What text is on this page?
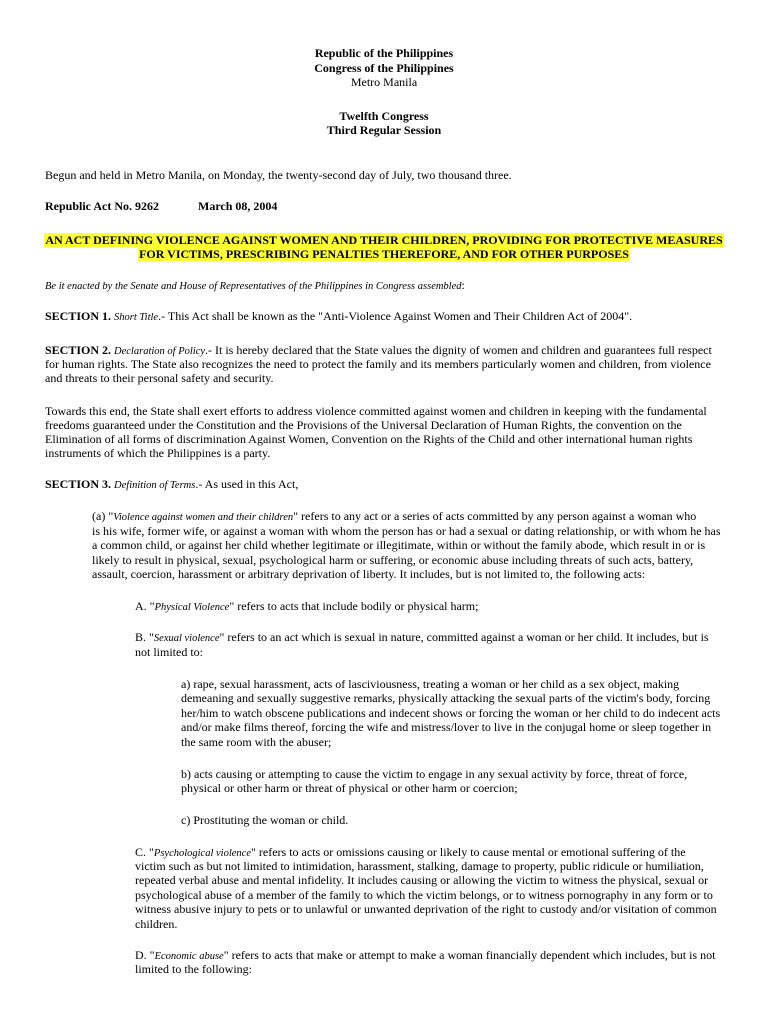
Republic of the Philippines

Congress of the Philippines

Metro Manila

Twelfth Congress

Third Regular Session

Begun and held in Metro Manila, on Monday, the twenty-second day of July, two thousand three.

Republic Act No. 9262	March 08, 2004

AN ACT DEFINING VIOLENCE AGAINST WOMEN AND THEIR CHILDREN, PROVIDING FOR PROTECTIVE MEASURES

FOR VICTIMS, PRESCRIBING PENALTIES THEREFORE, AND FOR OTHER PURPOSES

Be it enacted by the Senate and House of Representatives of the Philippines in Congress assembled:

SECTION 1. Short Title.- This Act shall be known as the "Anti-Violence Against Women and Their Children Act of 2004".

SECTION 2. Declaration of Policy.- It is hereby declared that the State values the dignity of women and children and guarantees full respect

for human rights. The State also recognizes the need to protect the family and its members particularly women and children, from violence

and threats to their personal safety and security.

Towards this end, the State shall exert efforts to address violence committed against women and children in keeping with the fundamental

freedoms guaranteed under the Constitution and the Provisions of the Universal Declaration of Human Rights, the convention on the

Elimination of all forms of discrimination Against Women, Convention on the Rights of the Child and other international human rights

instruments of which the Philippines is a party.

SECTION 3. Definition of Terms.- As used in this Act,

(a) "Violence against women and their children" refers to any act or a series of acts committed by any person against a woman who

is his wife, former wife, or against a woman with whom the person has or had a sexual or dating relationship, or with whom he has

a common child, or against her child whether legitimate or illegitimate, within or without the family abode, which result in or is

likely to result in physical, sexual, psychological harm or suffering, or economic abuse including threats of such acts, battery,

assault, coercion, harassment or arbitrary deprivation of liberty. It includes, but is not limited to, the following acts:

A. "Physical Violence" refers to acts that include bodily or physical harm;

B. "Sexual violence" refers to an act which is sexual in nature, committed against a woman or her child. It includes, but is

not limited to:

a) rape, sexual harassment, acts of lasciviousness, treating a woman or her child as a sex object, making

demeaning and sexually suggestive remarks, physically attacking the sexual parts of the victim's body, forcing

her/him to watch obscene publications and indecent shows or forcing the woman or her child to do indecent acts

and/or make films thereof, forcing the wife and mistress/lover to live in the conjugal home or sleep together in

the same room with the abuser;

b) acts causing or attempting to cause the victim to engage in any sexual activity by force, threat of force,

physical or other harm or threat of physical or other harm or coercion;

c) Prostituting the woman or child.

C. "Psychological violence" refers to acts or omissions causing or likely to cause mental or emotional suffering of the

victim such as but not limited to intimidation, harassment, stalking, damage to property, public ridicule or humiliation,

repeated verbal abuse and mental infidelity. It includes causing or allowing the victim to witness the physical, sexual or

psychological abuse of a member of the family to which the victim belongs, or to witness pornography in any form or to

witness abusive injury to pets or to unlawful or unwanted deprivation of the right to custody and/or visitation of common

children.

D. "Economic abuse" refers to acts that make or attempt to make a woman financially dependent which includes, but is not

limited to the following:
